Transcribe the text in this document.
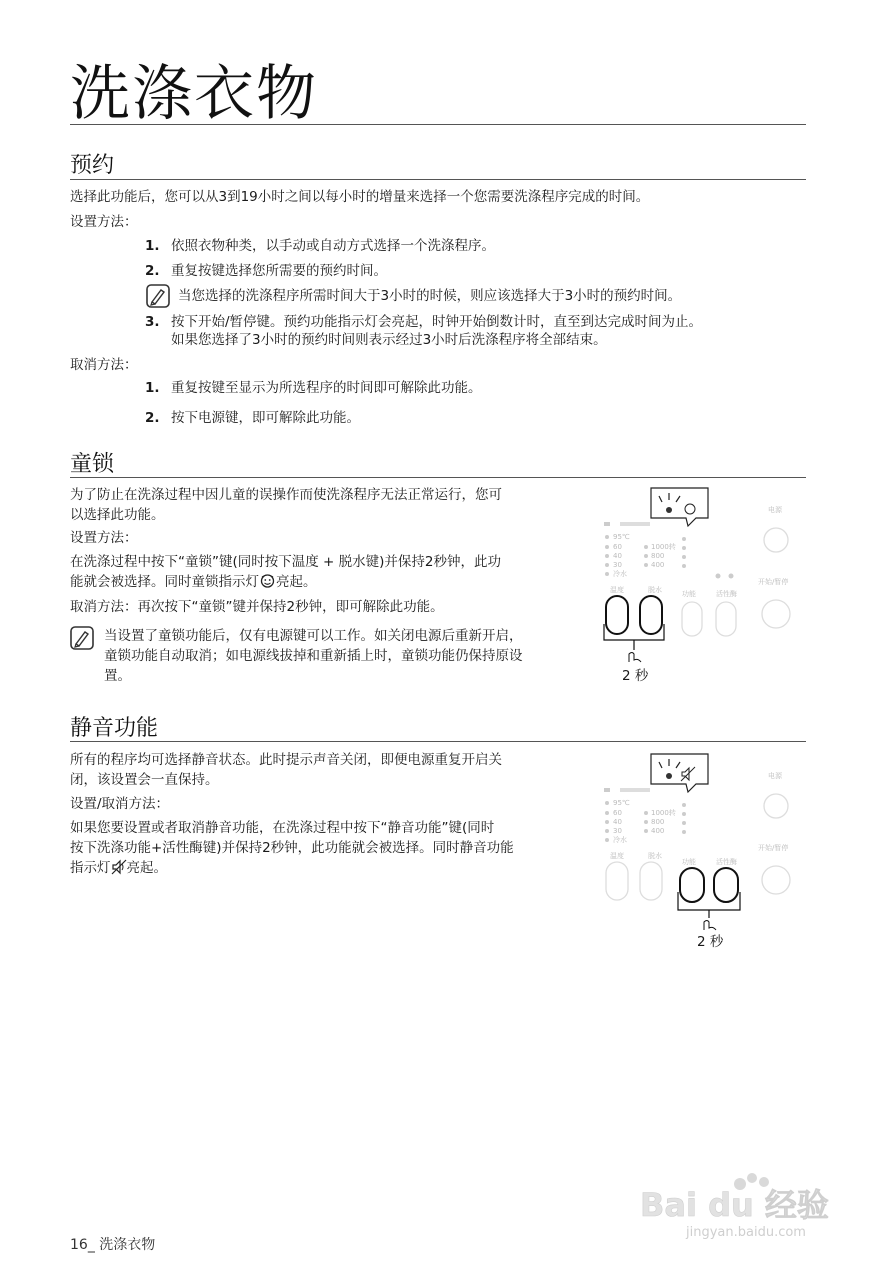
洗涤衣物
预约
选择此功能后，您可以从3到19小时之间以每小时的增量来选择一个您需要洗涤程序完成的时间。
设置方法：
1. 依照衣物种类，以手动或自动方式选择一个洗涤程序。
2. 重复按键选择您所需要的预约时间。
当您选择的洗涤程序所需时间大于3小时的时候，则应该选择大于3小时的预约时间。
3. 按下开始/暂停键。预约功能指示灯会亮起，时钟开始倒数计时，直至到达完成时间为止。
如果您选择了3小时的预约时间则表示经过3小时后洗涤程序将全部结束。
取消方法：
1. 重复按键至显示为所选程序的时间即可解除此功能。
2. 按下电源键，即可解除此功能。
童锁
为了防止在洗涤过程中因儿童的误操作而使洗涤程序无法正常运行，您可
以选择此功能。
设置方法：
在洗涤过程中按下“童锁”键(同时按下温度 + 脱水键)并保持2秒钟，此功
能就会被选择。同时童锁指示灯 亮起。
取消方法：再次按下“童锁”键并保持2秒钟，即可解除此功能。
当设置了童锁功能后，仅有电源键可以工作。如关闭电源后重新开启，
童锁功能自动取消；如电源线拔掉和重新插上时，童锁功能仍保持原设
置。
95℃
60
40
30
冷水
1000转
800
400
温度	脱水	功能	活性酶
电源
开始/暂停
2 秒
静音功能
所有的程序均可选择静音状态。此时提示声音关闭，即便电源重复开启关
闭，该设置会一直保持。
设置/取消方法：
如果您要设置或者取消静音功能，在洗涤过程中按下“静音功能”键(同时
按下洗涤功能+活性酶键)并保持2秒钟，此功能就会被选择。同时静音功能
指示灯 亮起。
95℃
60
40
30
冷水
1000转
800
400
温度	脱水
功能	活性酶
电源
开始/暂停
2 秒
Bai du 经验
jingyan.baidu.com
16_ 洗涤衣物
